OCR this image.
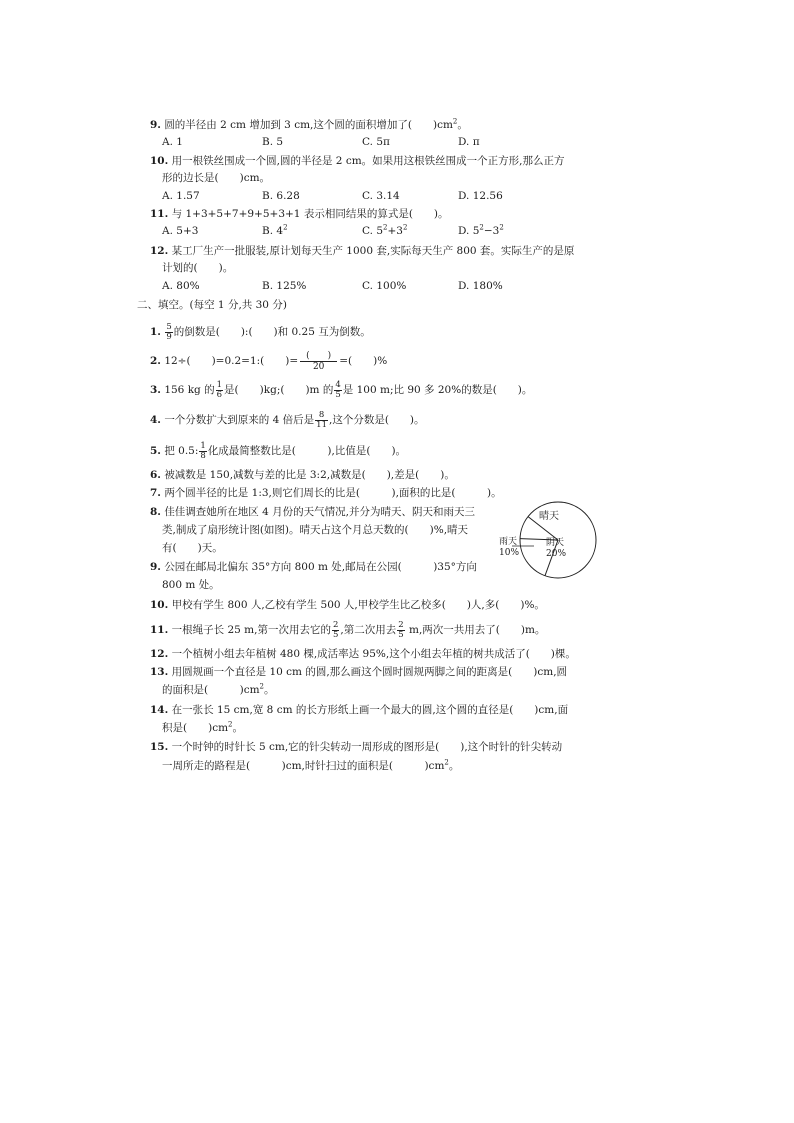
9. 圆的半径由 2 cm 增加到 3 cm,这个圆的面积增加了(　　)$cm^2$。
A. 1	B. 5	C. 5π	D. π
10. 用一根铁丝围成一个圆,圆的半径是 2 cm。如果用这根铁丝围成一个正方形,那么正方
形的边长是(　　)cm。
A. 1.57	B. 6.28	C. 3.14	D. 12.56
11. 与 1+3+5+7+9+5+3+1 表示相同结果的算式是(　　)。
A. 5+3	B. $4^2$	C. $5^2+3^2$	D. $5^2-3^2$
12. 某工厂生产一批服装,原计划每天生产 1000 套,实际每天生产 800 套。实际生产的是原
计划的(　　)。
A. 80%	B. 125%	C. 100%	D. 180%
二、填空。(每空 1 分,共 30 分)
1. $\frac{5}{9}$ 的倒数是(　　):(　　)和 0.25 互为倒数。
2. 12÷(　　)=0.2=1:(　　)= $\frac{( )}{20}$ =(　　)%
3. 156 kg 的 $\frac{1}{6}$ 是(　　)kg;(　　)m 的 $\frac{4}{5}$ 是 100 m;比 90 多 20%的数是(　　)。
4. 一个分数扩大到原来的 4 倍后是 $\frac{8}{11}$ ,这个分数是(　　)。
5. 把 0.5: $\frac{1}{8}$ 化成最简整数比是(　　　),比值是(　　)。
6. 被减数是 150,减数与差的比是 3:2,减数是(　　),差是(　　)。
7. 两个圆半径的比是 1:3,则它们周长的比是(　　　),面积的比是(　　　)。
8. 佳佳调查她所在地区 4 月份的天气情况,并分为晴天、阴天和雨天三
类,制成了扇形统计图(如图)。晴天占这个月总天数的(　　)%,晴天
有(　　)天。
晴天
阴天
20%
雨天
10%
9. 公园在邮局北偏东 35°方向 800 m 处,邮局在公园(　　　)35°方向
800 m 处。
10. 甲校有学生 800 人,乙校有学生 500 人,甲校学生比乙校多(　　)人,多(　　)%。
11. 一根绳子长 25 m,第一次用去它的 $\frac{2}{5}$ ,第二次用去 $\frac{2}{5} m$,两次一共用去了(　　)m。
12. 一个植树小组去年植树 480 棵,成活率达 95%,这个小组去年植的树共成活了(　　)棵。
13. 用圆规画一个直径是 10 cm 的圆,那么画这个圆时圆规两脚之间的距离是(　　)cm,圆
的面积是(　　　)$cm^2$。
14. 在一张长 15 cm,宽 8 cm 的长方形纸上画一个最大的圆,这个圆的直径是(　　)cm,面
积是(　　)$cm^2$。
15. 一个时钟的时针长 5 cm,它的针尖转动一周形成的图形是(　　),这个时针的针尖转动
一周所走的路程是(　　　)cm,时针扫过的面积是(　　　)$cm^2$。
